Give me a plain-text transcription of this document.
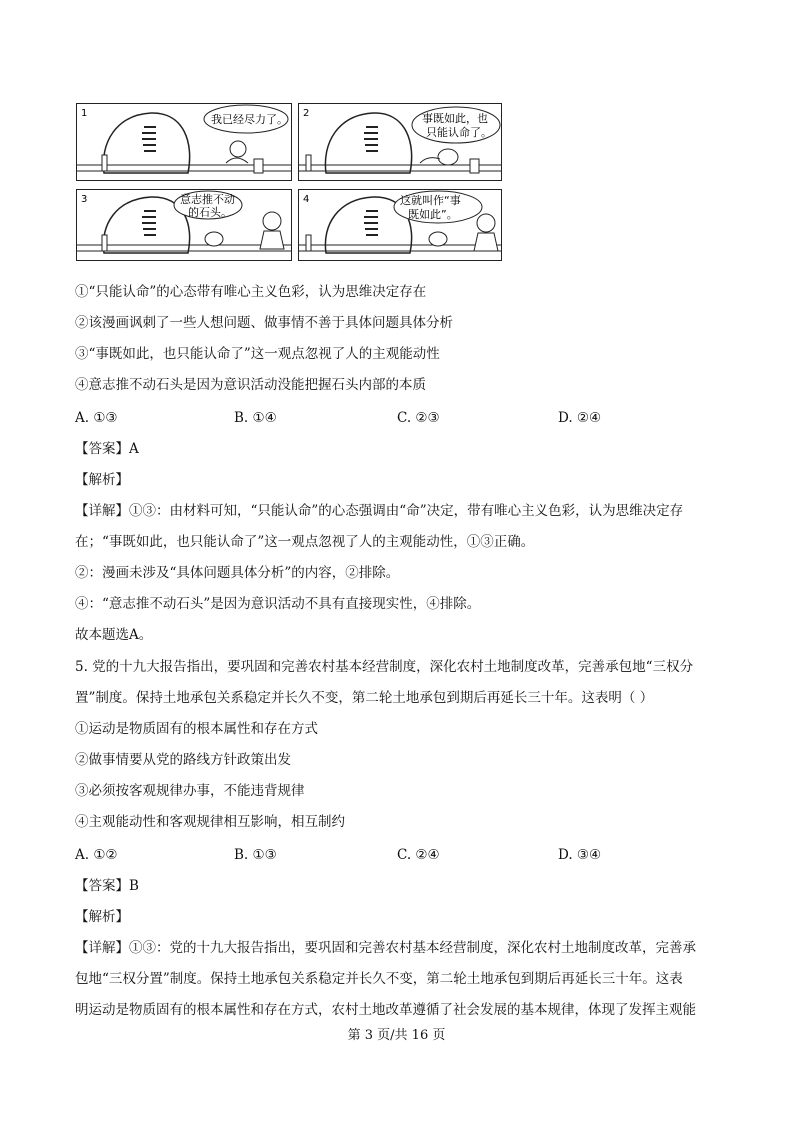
1	我已经尽力了。 2	事既如此，也
只能认命了。
3	意志推不动
的石头。
4	这就叫作“事
既如此”。
①“只能认命”的心态带有唯心主义色彩，认为思维决定存在
②该漫画讽刺了一些人想问题、做事情不善于具体问题具体分析
③“事既如此，也只能认命了”这一观点忽视了人的主观能动性
④意志推不动石头是因为意识活动没能把握石头内部的本质
A. ①③	B. ①④	C. ②③	D. ②④
【答案】A
【解析】
【详解】①③：由材料可知，“只能认命”的心态强调由“命”决定，带有唯心主义色彩，认为思维决定存
在；“事既如此，也只能认命了”这一观点忽视了人的主观能动性，①③正确。
②：漫画未涉及“具体问题具体分析”的内容，②排除。
④：“意志推不动石头”是因为意识活动不具有直接现实性，④排除。
故本题选A。
5. 党的十九大报告指出，要巩固和完善农村基本经营制度，深化农村土地制度改革，完善承包地“三权分
置”制度。保持土地承包关系稳定并长久不变，第二轮土地承包到期后再延长三十年。这表明（ ）
①运动是物质固有的根本属性和存在方式
②做事情要从党的路线方针政策出发
③必须按客观规律办事，不能违背规律
④主观能动性和客观规律相互影响，相互制约
A. ①②	B. ①③	C. ②④	D. ③④
【答案】B
【解析】
【详解】①③：党的十九大报告指出，要巩固和完善农村基本经营制度，深化农村土地制度改革，完善承
包地“三权分置”制度。保持土地承包关系稳定并长久不变，第二轮土地承包到期后再延长三十年。这表
明运动是物质固有的根本属性和存在方式，农村土地改革遵循了社会发展的基本规律，体现了发挥主观能
第 3 页/共 16 页
